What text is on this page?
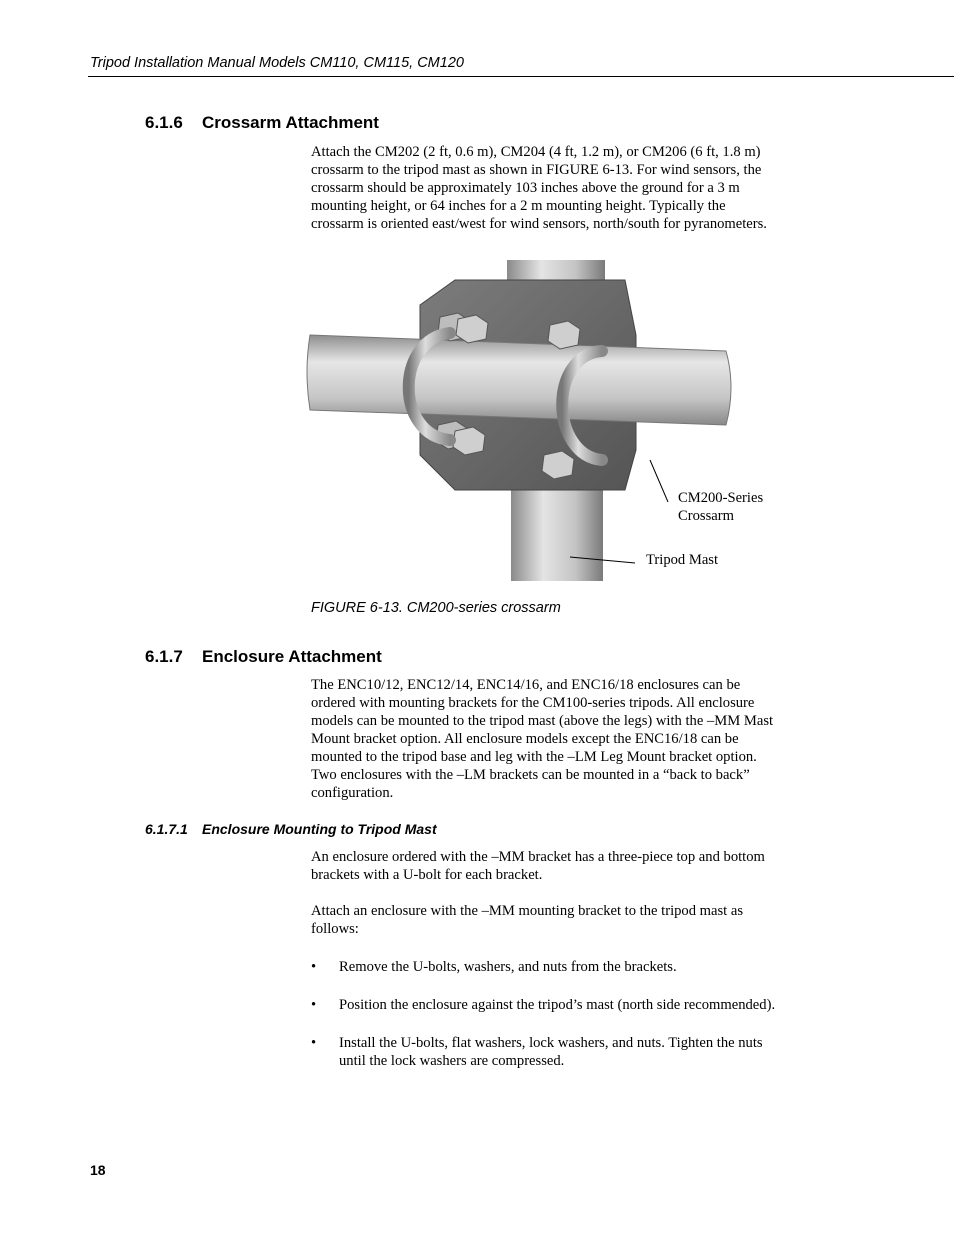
Tripod Installation Manual Models CM110, CM115, CM120
6.1.6 Crossarm Attachment
Attach the CM202 (2 ft, 0.6 m), CM204 (4 ft, 1.2 m), or CM206 (6 ft, 1.8 m)
crossarm to the tripod mast as shown in FIGURE 6-13. For wind sensors, the
crossarm should be approximately 103 inches above the ground for a 3 m
mounting height, or 64 inches for a 2 m mounting height. Typically the
crossarm is oriented east/west for wind sensors, north/south for pyranometers.
CM200-Series
Crossarm
Tripod Mast
FIGURE 6-13. CM200-series crossarm
6.1.7 Enclosure Attachment
The ENC10/12, ENC12/14, ENC14/16, and ENC16/18 enclosures can be
ordered with mounting brackets for the CM100-series tripods. All enclosure
models can be mounted to the tripod mast (above the legs) with the –MM Mast
Mount bracket option. All enclosure models except the ENC16/18 can be
mounted to the tripod base and leg with the –LM Leg Mount bracket option.
Two enclosures with the –LM brackets can be mounted in a “back to back”
configuration.
6.1.7.1 Enclosure Mounting to Tripod Mast
An enclosure ordered with the –MM bracket has a three-piece top and bottom
brackets with a U-bolt for each bracket.
Attach an enclosure with the –MM mounting bracket to the tripod mast as
follows:
•	Remove the U-bolts, washers, and nuts from the brackets.
•	Position the enclosure against the tripod’s mast (north side recommended).
•	Install the U-bolts, flat washers, lock washers, and nuts. Tighten the nuts
until the lock washers are compressed.
18
